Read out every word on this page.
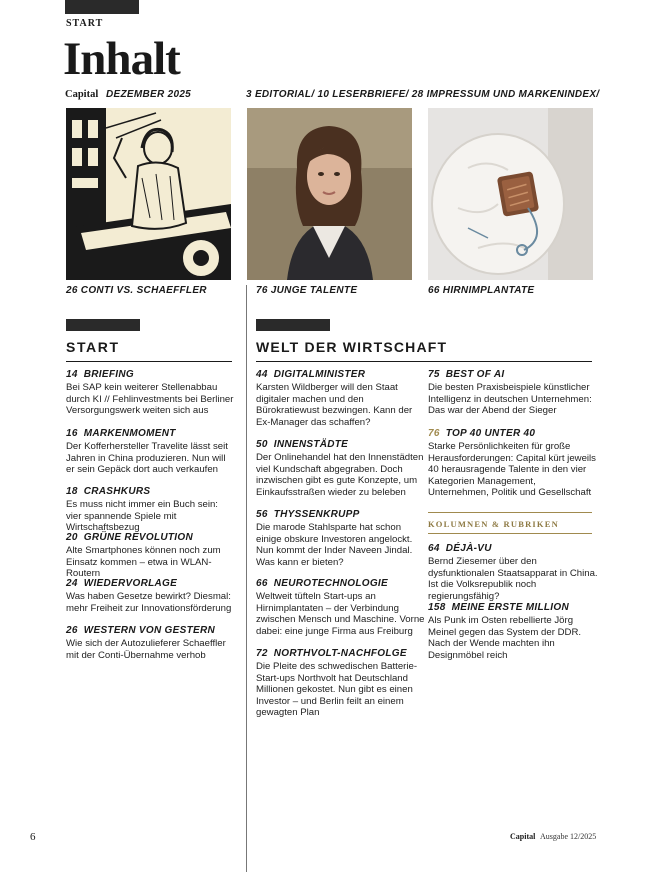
START
Inhalt
Capital DEZEMBER 2025	3 EDITORIAL/ 10 LESERBRIEFE/ 28 IMPRESSUM UND MARKENINDEX/
26 CONTI VS. SCHAEFFLER	76 JUNGE TALENTE	66 HIRNIMPLANTATE
START
14 BRIEFING
Bei SAP kein weiterer Stellenabbau durch KI // Fehlinvestments bei Berliner Versorgungswerk weiten sich aus
16 MARKENMOMENT
Der Kofferhersteller Travelite lässt seit Jahren in China produzieren. Nun will er sein Gepäck dort auch verkaufen
18 CRASHKURS
Es muss nicht immer ein Buch sein: vier spannende Spiele mit Wirtschaftsbezug
20 GRÜNE REVOLUTION
Alte Smartphones können noch zum Einsatz kommen – etwa in WLAN-Routern
24 WIEDERVORLAGE
Was haben Gesetze bewirkt? Diesmal: mehr Freiheit zur Innovationsförderung
26 WESTERN VON GESTERN
Wie sich der Autozulieferer Schaeffler mit der Conti-Übernahme verhob
WELT DER WIRTSCHAFT
44 DIGITALMINISTER
Karsten Wildberger will den Staat digitaler machen und den Bürokratiewust bezwingen. Kann der Ex-Manager das schaffen?
50 INNENSTÄDTE
Der Onlinehandel hat den Innenstädten viel Kundschaft abgegraben. Doch inzwischen gibt es gute Konzepte, um Einkaufsstraßen wieder zu beleben
56 THYSSENKRUPP
Die marode Stahlsparte hat schon einige obskure Investoren angelockt. Nun kommt der Inder Naveen Jindal. Was kann er bieten?
66 NEUROTECHNOLOGIE
Weltweit tüfteln Start-ups an Hirnimplantaten – der Verbindung zwischen Mensch und Maschine. Vorne dabei: eine junge Firma aus Freiburg
72 NORTHVOLT-NACHFOLGE
Die Pleite des schwedischen Batterie-Start-ups Northvolt hat Deutschland Millionen gekostet. Nun gibt es einen Investor – und Berlin feilt an einem gewagten Plan
75 BEST OF AI
Die besten Praxisbeispiele künstlicher Intelligenz in deutschen Unternehmen: Das war der Abend der Sieger
76 TOP 40 UNTER 40
Starke Persönlichkeiten für große Herausforderungen: Capital kürt jeweils 40 herausragende Talente in den vier Kategorien Management, Unternehmen, Politik und Gesellschaft
KOLUMNEN & RUBRIKEN
64 DÉJÀ-VU
Bernd Ziesemer über den dysfunktionalen Staatsapparat in China. Ist die Volksrepublik noch regierungsfähig?
158 MEINE ERSTE MILLION
Als Punk im Osten rebellierte Jörg Meinel gegen das System der DDR. Nach der Wende machten ihn Designmöbel reich
6	Capital Ausgabe 12/2025
